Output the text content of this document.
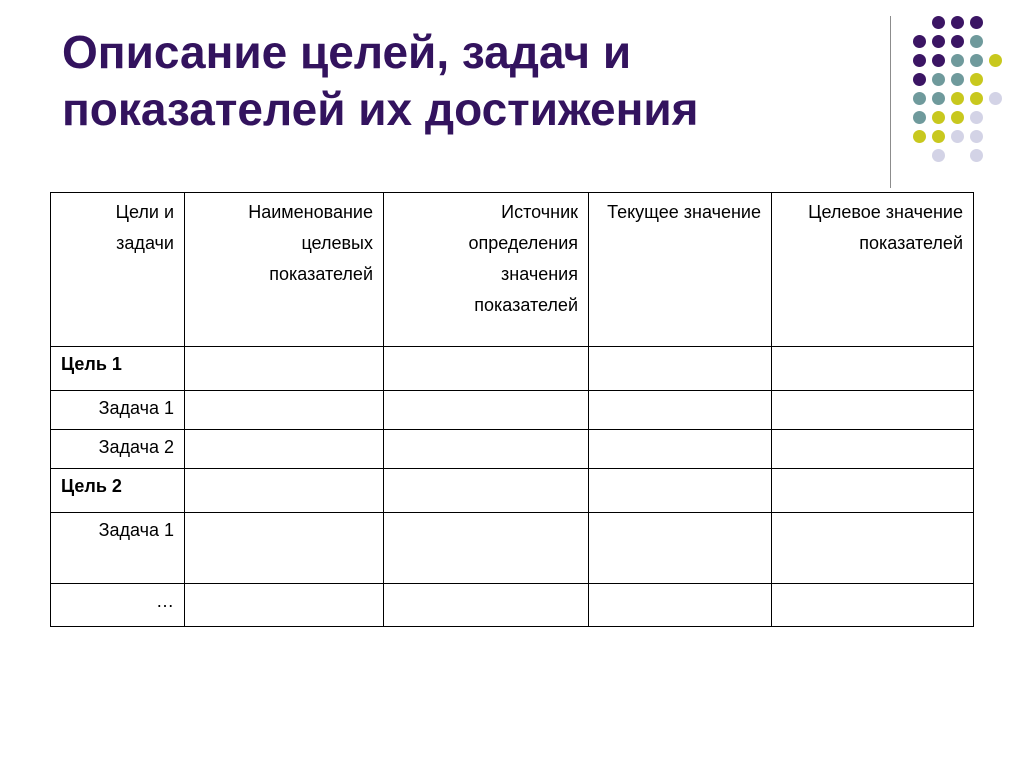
Описание целей, задач и показателей их достижения
Цели и задачи	Наименование целевых показателей	Источник определения значения показателей	Текущее значение	Целевое значение показателей
Цель 1				
Задача 1				
Задача 2				
Цель 2				
Задача 1				
…				
